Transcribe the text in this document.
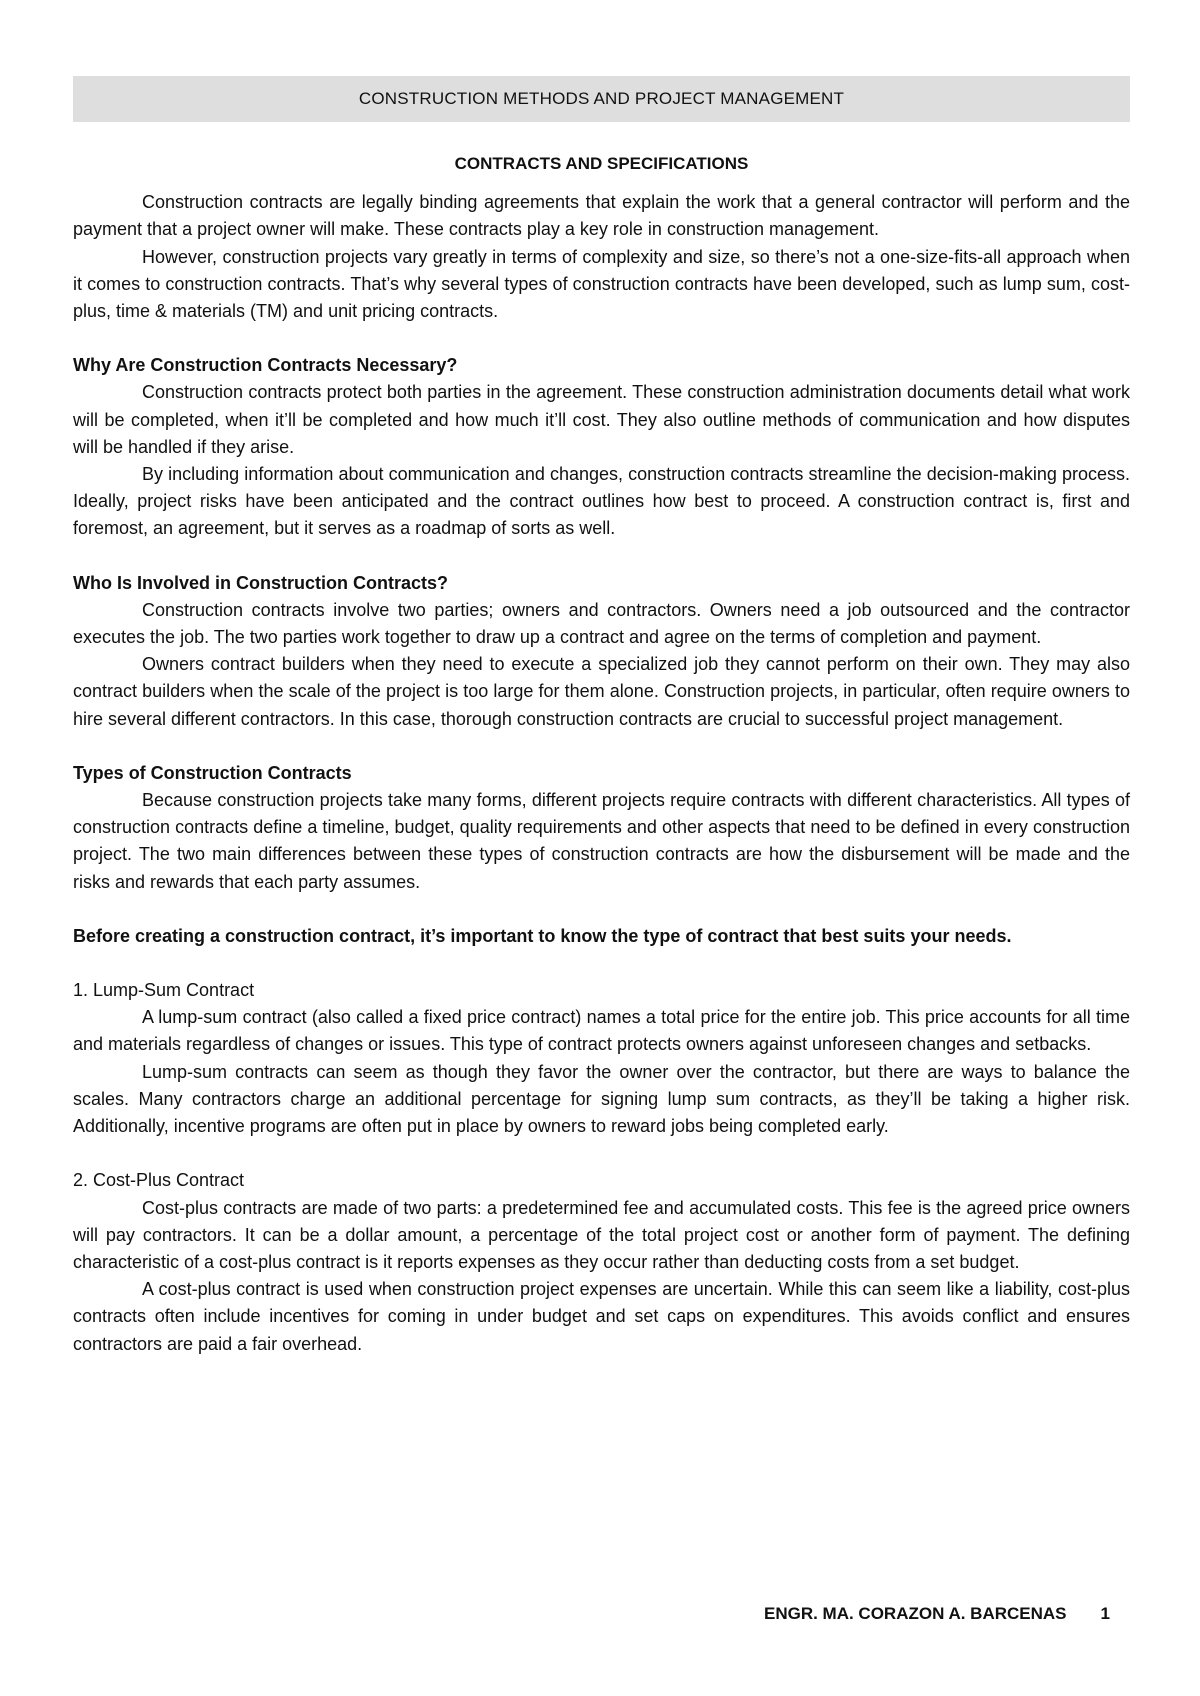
CONSTRUCTION METHODS AND PROJECT MANAGEMENT

CONTRACTS AND SPECIFICATIONS

Construction contracts are legally binding agreements that explain the work that a general contractor will perform and the payment that a project owner will make. These contracts play a key role in construction management.

However, construction projects vary greatly in terms of complexity and size, so there’s not a one-size-fits-all approach when it comes to construction contracts. That’s why several types of construction contracts have been developed, such as lump sum, cost-plus, time & materials (TM) and unit pricing contracts.

Why Are Construction Contracts Necessary?

Construction contracts protect both parties in the agreement. These construction administration documents detail what work will be completed, when it’ll be completed and how much it’ll cost. They also outline methods of communication and how disputes will be handled if they arise.

By including information about communication and changes, construction contracts streamline the decision-making process. Ideally, project risks have been anticipated and the contract outlines how best to proceed. A construction contract is, first and foremost, an agreement, but it serves as a roadmap of sorts as well.

Who Is Involved in Construction Contracts?

Construction contracts involve two parties; owners and contractors. Owners need a job outsourced and the contractor executes the job. The two parties work together to draw up a contract and agree on the terms of completion and payment.

Owners contract builders when they need to execute a specialized job they cannot perform on their own. They may also contract builders when the scale of the project is too large for them alone. Construction projects, in particular, often require owners to hire several different contractors. In this case, thorough construction contracts are crucial to successful project management.

Types of Construction Contracts

Because construction projects take many forms, different projects require contracts with different characteristics. All types of construction contracts define a timeline, budget, quality requirements and other aspects that need to be defined in every construction project. The two main differences between these types of construction contracts are how the disbursement will be made and the risks and rewards that each party assumes.

Before creating a construction contract, it’s important to know the type of contract that best suits your needs.

1. Lump-Sum Contract

A lump-sum contract (also called a fixed price contract) names a total price for the entire job. This price accounts for all time and materials regardless of changes or issues. This type of contract protects owners against unforeseen changes and setbacks.

Lump-sum contracts can seem as though they favor the owner over the contractor, but there are ways to balance the scales. Many contractors charge an additional percentage for signing lump sum contracts, as they’ll be taking a higher risk. Additionally, incentive programs are often put in place by owners to reward jobs being completed early.

2. Cost-Plus Contract

Cost-plus contracts are made of two parts: a predetermined fee and accumulated costs. This fee is the agreed price owners will pay contractors. It can be a dollar amount, a percentage of the total project cost or another form of payment. The defining characteristic of a cost-plus contract is it reports expenses as they occur rather than deducting costs from a set budget.

A cost-plus contract is used when construction project expenses are uncertain. While this can seem like a liability, cost-plus contracts often include incentives for coming in under budget and set caps on expenditures. This avoids conflict and ensures contractors are paid a fair overhead.

ENGR. MA. CORAZON A. BARCENAS 1
